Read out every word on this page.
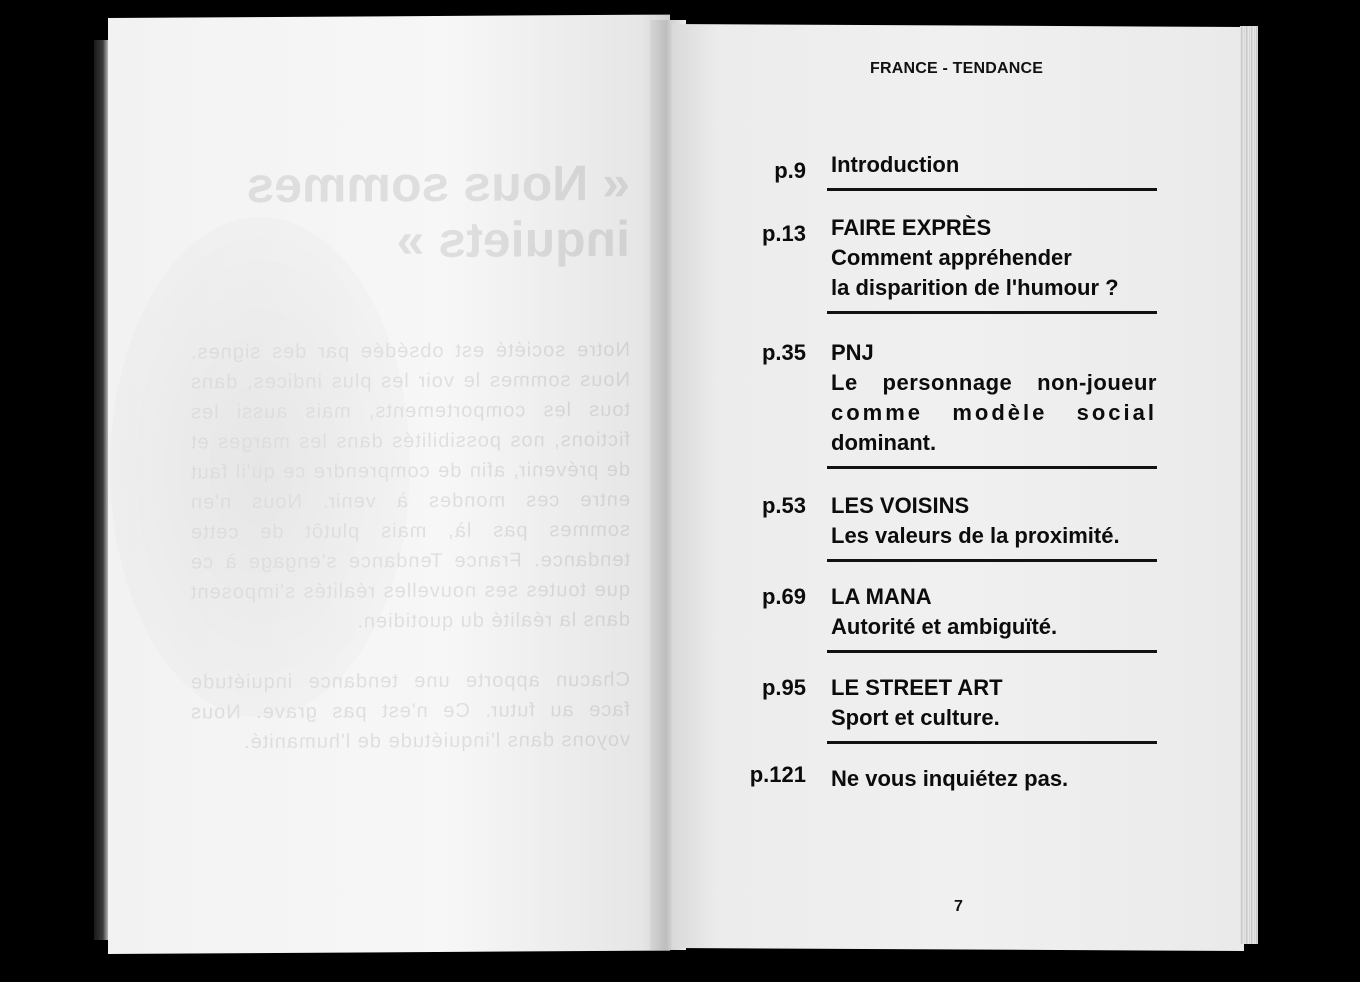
« Nous sommes inquiets »

Notre société est obsédée par des signes. Nous sommes le voir les plus indices, dans tous les comportements, mais aussi les fictions, nos possibilités dans les marges et de prévenir, afin de comprendre ce qu'il faut entre ces mondes à venir. Nous n'en sommes pas là, mais plutôt de cette tendance. France Tendance s'engage à ce que toutes ses nouvelles réalités s'imposent dans la réalité du quotidien.

Chacun apporte une tendance inquiétude face au futur. Ce n'est pas grave. Nous voyons dans l'inquiétude de l'humanité.

FRANCE - TENDANCE
p.9 Introduction
p.13 FAIRE EXPRÈS
Comment appréhender
la disparition de l'humour ?
p.35 PNJ
Le personnage non-joueur
comme modèle social
dominant.
p.53 LES VOISINS
Les valeurs de la proximité.
p.69 LA MANA
Autorité et ambiguïté.
p.95 LE STREET ART
Sport et culture.
p.121 Ne vous inquiétez pas.
7
